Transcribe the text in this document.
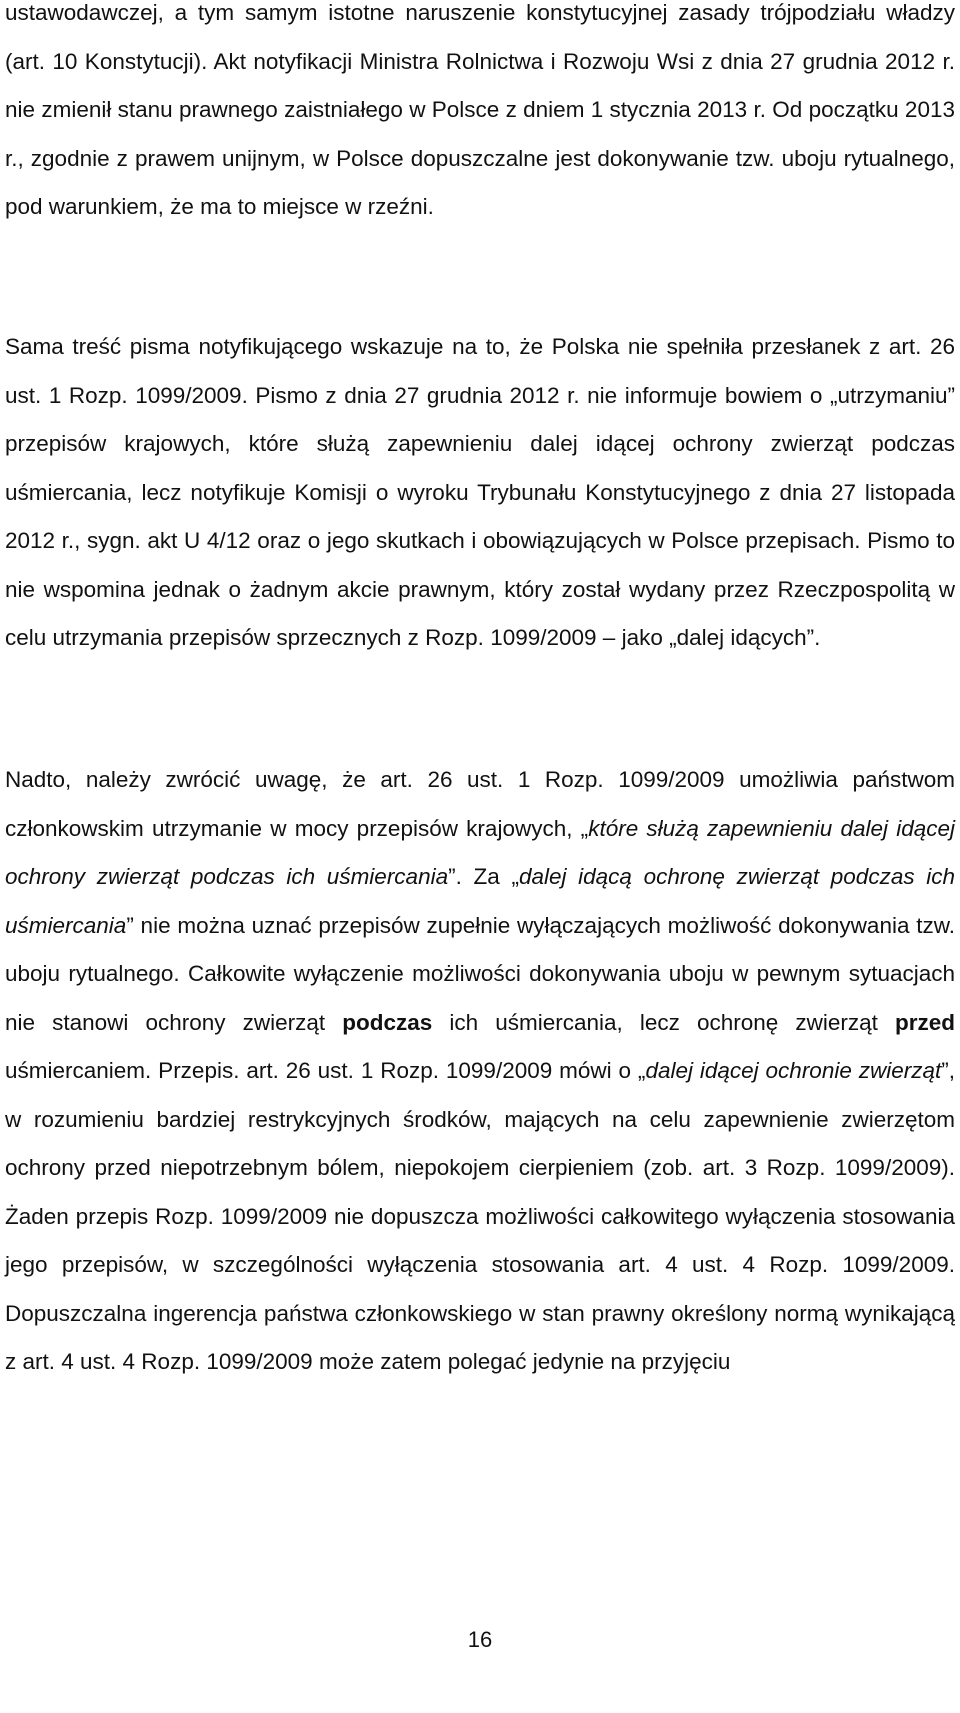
ustawodawczej, a tym samym istotne naruszenie konstytucyjnej zasady trójpodziału władzy (art. 10 Konstytucji). Akt notyfikacji Ministra Rolnictwa i Rozwoju Wsi z dnia 27 grudnia 2012 r. nie zmienił stanu prawnego zaistniałego w Polsce z dniem 1 stycznia 2013 r. Od początku 2013 r., zgodnie z prawem unijnym, w Polsce dopuszczalne jest dokonywanie tzw. uboju rytualnego, pod warunkiem, że ma to miejsce w rzeźni.

Sama treść pisma notyfikującego wskazuje na to, że Polska nie spełniła przesłanek z art. 26 ust. 1 Rozp. 1099/2009. Pismo z dnia 27 grudnia 2012 r. nie informuje bowiem o „utrzymaniu” przepisów krajowych, które służą zapewnieniu dalej idącej ochrony zwierząt podczas uśmiercania, lecz notyfikuje Komisji o wyroku Trybunału Konstytucyjnego z dnia 27 listopada 2012 r., sygn. akt U 4/12 oraz o jego skutkach i obowiązujących w Polsce przepisach. Pismo to nie wspomina jednak o żadnym akcie prawnym, który został wydany przez Rzeczpospolitą w celu utrzymania przepisów sprzecznych z Rozp. 1099/2009 – jako „dalej idących”.

Nadto, należy zwrócić uwagę, że art. 26 ust. 1 Rozp. 1099/2009 umożliwia państwom członkowskim utrzymanie w mocy przepisów krajowych, „które służą zapewnieniu dalej idącej ochrony zwierząt podczas ich uśmiercania”. Za „dalej idącą ochronę zwierząt podczas ich uśmiercania” nie można uznać przepisów zupełnie wyłączających możliwość dokonywania tzw. uboju rytualnego. Całkowite wyłączenie możliwości dokonywania uboju w pewnym sytuacjach nie stanowi ochrony zwierząt podczas ich uśmiercania, lecz ochronę zwierząt przed uśmiercaniem. Przepis. art. 26 ust. 1 Rozp. 1099/2009 mówi o „dalej idącej ochronie zwierząt”, w rozumieniu bardziej restrykcyjnych środków, mających na celu zapewnienie zwierzętom ochrony przed niepotrzebnym bólem, niepokojem cierpieniem (zob. art. 3 Rozp. 1099/2009). Żaden przepis Rozp. 1099/2009 nie dopuszcza możliwości całkowitego wyłączenia stosowania jego przepisów, w szczególności wyłączenia stosowania art. 4 ust. 4 Rozp. 1099/2009. Dopuszczalna ingerencja państwa członkowskiego w stan prawny określony normą wynikającą z art. 4 ust. 4 Rozp. 1099/2009 może zatem polegać jedynie na przyjęciu

16
